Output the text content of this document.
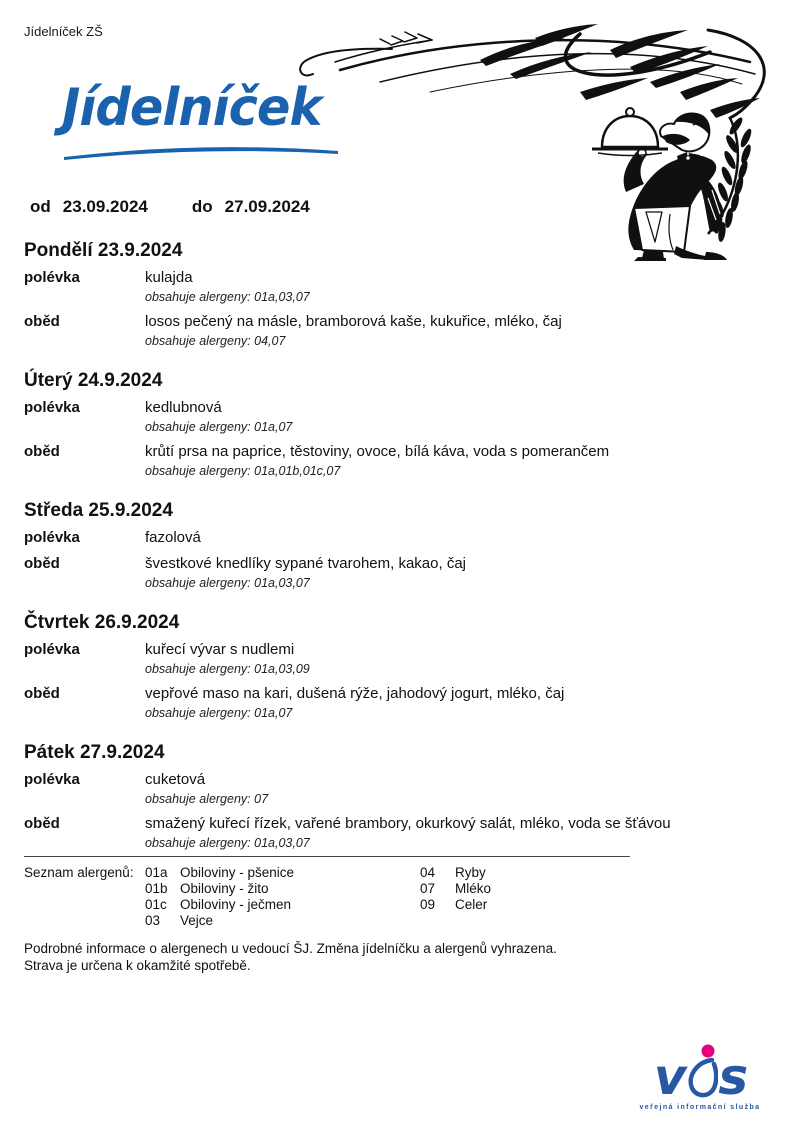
Jídelníček ZŠ
Jídelníček
od 23.09.2024	do 27.09.2024
Pondělí 23.9.2024
polévka	kulajda
obsahuje alergeny: 01a,03,07
oběd	losos pečený na másle, bramborová kaše, kukuřice, mléko, čaj
obsahuje alergeny: 04,07
Úterý 24.9.2024
polévka	kedlubnová
obsahuje alergeny: 01a,07
oběd	krůtí prsa na paprice, těstoviny, ovoce, bílá káva, voda s pomerančem
obsahuje alergeny: 01a,01b,01c,07
Středa 25.9.2024
polévka	fazolová
oběd	švestkové knedlíky sypané tvarohem, kakao, čaj
obsahuje alergeny: 01a,03,07
Čtvrtek 26.9.2024
polévka	kuřecí vývar s nudlemi
obsahuje alergeny: 01a,03,09
oběd	vepřové maso na kari, dušená rýže, jahodový jogurt, mléko, čaj
obsahuje alergeny: 01a,07
Pátek 27.9.2024
polévka	cuketová
obsahuje alergeny: 07
oběd	smažený kuřecí řízek, vařené brambory, okurkový salát, mléko, voda se šťávou
obsahuje alergeny: 01a,03,07
Seznam alergenů: 01a Obiloviny - pšenice
01b Obiloviny - žito
01c Obiloviny - ječmen
03	Vejce
04	Ryby
07	Mléko
09	Celer
Podrobné informace o alergenech u vedoucí ŠJ. Změna jídelníčku a alergenů vyhrazena.
Strava je určena k okamžité spotřebě.
v s
veřejná informační služba
